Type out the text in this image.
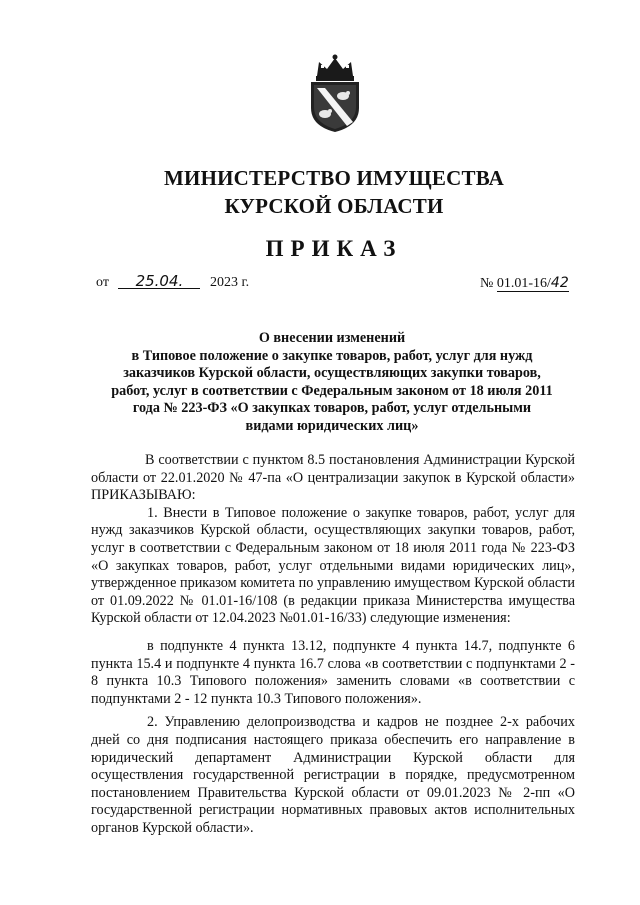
МИНИСТЕРСТВО ИМУЩЕСТВА
КУРСКОЙ ОБЛАСТИ
ПРИКАЗ
от 25.04. 2023 г.	№ 01.01-16/42

О внесении изменений

в Типовое положение о закупке товаров, работ, услуг для нужд

заказчиков Курской области, осуществляющих закупки товаров,

работ, услуг в соответствии с Федеральным законом от 18 июля 2011

года № 223-ФЗ «О закупках товаров, работ, услуг отдельными

видами юридических лиц»

В соответствии с пунктом 8.5 постановления Администрации Курской области от 22.01.2020 № 47-па «О централизации закупок в Курской области» ПРИКАЗЫВАЮ:

1. Внести в Типовое положение о закупке товаров, работ, услуг для нужд заказчиков Курской области, осуществляющих закупки товаров, работ, услуг в соответствии с Федеральным законом от 18 июля 2011 года № 223-ФЗ «О закупках товаров, работ, услуг отдельными видами юридических лиц», утвержденное приказом комитета по управлению имуществом Курской области от 01.09.2022 № 01.01-16/108 (в редакции приказа Министерства имущества Курской области от 12.04.2023 №01.01-16/33) следующие изменения:

в подпункте 4 пункта 13.12, подпункте 4 пункта 14.7, подпункте 6 пункта 15.4 и подпункте 4 пункта 16.7 слова «в соответствии с подпунктами 2 - 8 пункта 10.3 Типового положения» заменить словами «в соответствии с подпунктами 2 - 12 пункта 10.3 Типового положения».

2. Управлению делопроизводства и кадров не позднее 2-х рабочих дней со дня подписания настоящего приказа обеспечить его направление в юридический департамент Администрации Курской области для осуществления государственной регистрации в порядке, предусмотренном постановлением Правительства Курской области от 09.01.2023 № 2-пп «О государственной регистрации нормативных правовых актов исполнительных органов Курской области».
